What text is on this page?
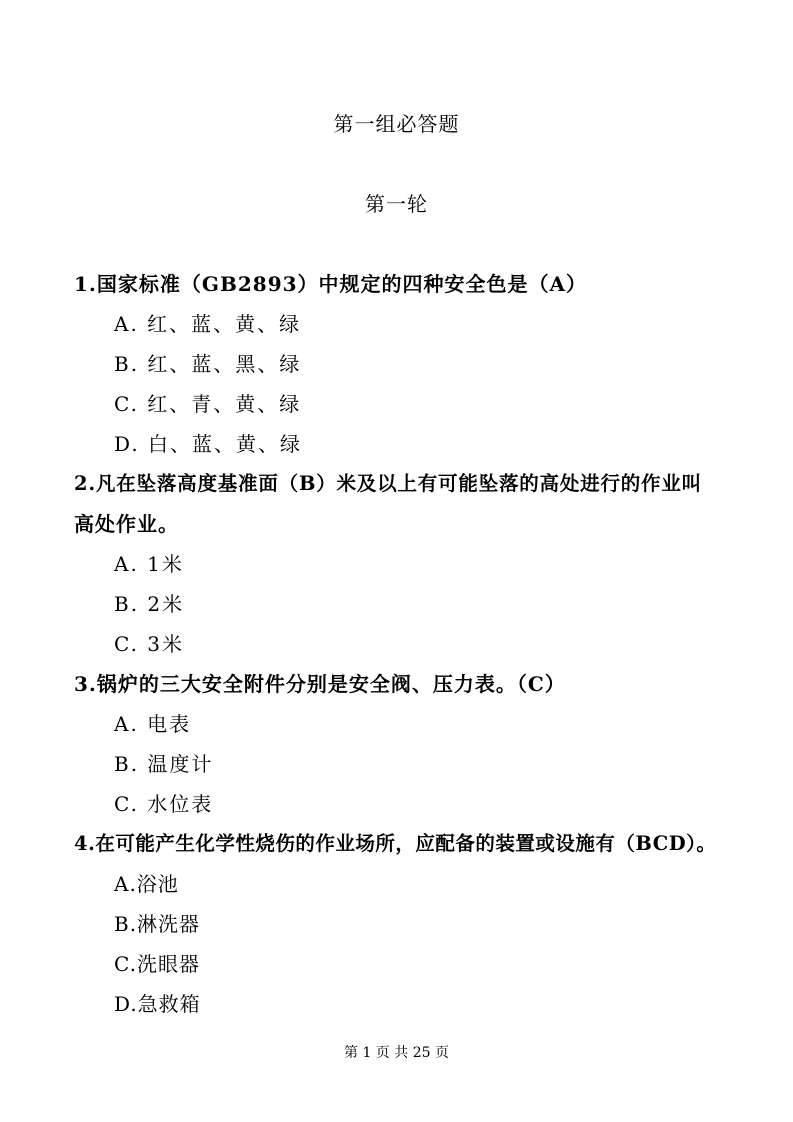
第一组必答题
第一轮
1.国家标准（GB2893）中规定的四种安全色是（A）
A. 红、蓝、黄、绿
B. 红、蓝、黑、绿
C. 红、青、黄、绿
D. 白、蓝、黄、绿
2.凡在坠落高度基准面（B）米及以上有可能坠落的高处进行的作业叫
高处作业。
A. 1米
B. 2米
C. 3米
3.锅炉的三大安全附件分别是安全阀、压力表。（C）
A. 电表
B. 温度计
C. 水位表
4.在可能产生化学性烧伤的作业场所，应配备的装置或设施有（BCD）。
A.浴池
B.淋洗器
C.洗眼器
D.急救箱
第 1 页 共 25 页
